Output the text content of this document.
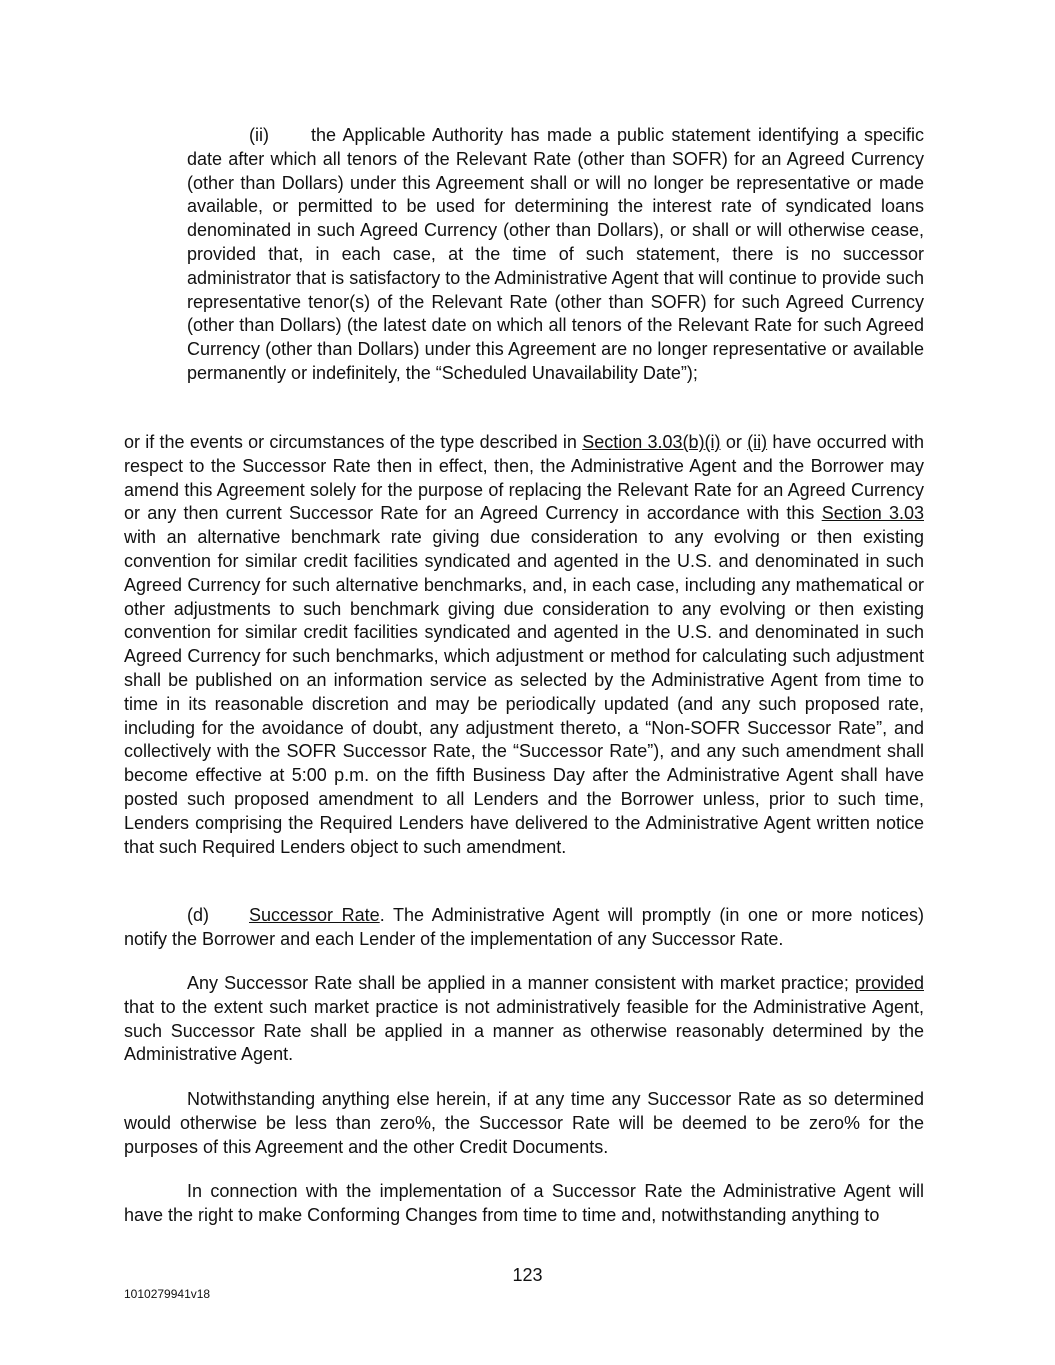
(ii) the Applicable Authority has made a public statement identifying a specific date after which all tenors of the Relevant Rate (other than SOFR) for an Agreed Currency (other than Dollars) under this Agreement shall or will no longer be representative or made available, or permitted to be used for determining the interest rate of syndicated loans denominated in such Agreed Currency (other than Dollars), or shall or will otherwise cease, provided that, in each case, at the time of such statement, there is no successor administrator that is satisfactory to the Administrative Agent that will continue to provide such representative tenor(s) of the Relevant Rate (other than SOFR) for such Agreed Currency (other than Dollars) (the latest date on which all tenors of the Relevant Rate for such Agreed Currency (other than Dollars) under this Agreement are no longer representative or available permanently or indefinitely, the “Scheduled Unavailability Date”);

or if the events or circumstances of the type described in Section 3.03(b)(i) or (ii) have occurred with respect to the Successor Rate then in effect, then, the Administrative Agent and the Borrower may amend this Agreement solely for the purpose of replacing the Relevant Rate for an Agreed Currency or any then current Successor Rate for an Agreed Currency in accordance with this Section 3.03 with an alternative benchmark rate giving due consideration to any evolving or then existing convention for similar credit facilities syndicated and agented in the U.S. and denominated in such Agreed Currency for such alternative benchmarks, and, in each case, including any mathematical or other adjustments to such benchmark giving due consideration to any evolving or then existing convention for similar credit facilities syndicated and agented in the U.S. and denominated in such Agreed Currency for such benchmarks, which adjustment or method for calculating such adjustment shall be published on an information service as selected by the Administrative Agent from time to time in its reasonable discretion and may be periodically updated (and any such proposed rate, including for the avoidance of doubt, any adjustment thereto, a “Non-SOFR Successor Rate”, and collectively with the SOFR Successor Rate, the “Successor Rate”), and any such amendment shall become effective at 5:00 p.m. on the fifth Business Day after the Administrative Agent shall have posted such proposed amendment to all Lenders and the Borrower unless, prior to such time, Lenders comprising the Required Lenders have delivered to the Administrative Agent written notice that such Required Lenders object to such amendment.

(d) Successor Rate. The Administrative Agent will promptly (in one or more notices) notify the Borrower and each Lender of the implementation of any Successor Rate.

Any Successor Rate shall be applied in a manner consistent with market practice; provided that to the extent such market practice is not administratively feasible for the Administrative Agent, such Successor Rate shall be applied in a manner as otherwise reasonably determined by the Administrative Agent.

Notwithstanding anything else herein, if at any time any Successor Rate as so determined would otherwise be less than zero%, the Successor Rate will be deemed to be zero% for the purposes of this Agreement and the other Credit Documents.

In connection with the implementation of a Successor Rate the Administrative Agent will have the right to make Conforming Changes from time to time and, notwithstanding anything to

123
1010279941v18
